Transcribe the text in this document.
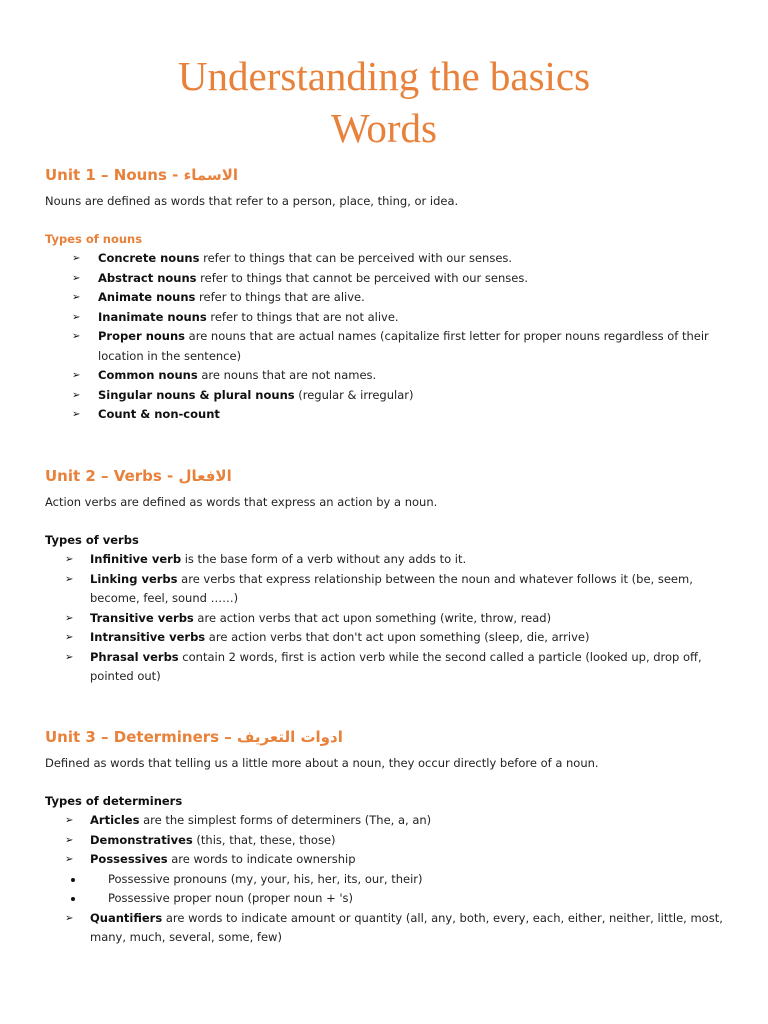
Understanding the basics
Words
Unit 1 – Nouns - الاسماء

Nouns are defined as words that refer to a person, place, thing, or idea.

Types of nouns
➢ Concrete nouns refer to things that can be perceived with our senses.
➢ Abstract nouns refer to things that cannot be perceived with our senses.
➢ Animate nouns refer to things that are alive.
➢ Inanimate nouns refer to things that are not alive.
➢ Proper nouns are nouns that are actual names (capitalize first letter for proper nouns regardless of their location in the sentence)
➢ Common nouns are nouns that are not names.
➢ Singular nouns & plural nouns (regular & irregular)
➢ Count & non-count
Unit 2 – Verbs - الافعال

Action verbs are defined as words that express an action by a noun.

Types of verbs
➢ Infinitive verb is the base form of a verb without any adds to it.
➢ Linking verbs are verbs that express relationship between the noun and whatever follows it (be, seem, become, feel, sound ……)
➢ Transitive verbs are action verbs that act upon something (write, throw, read)
➢ Intransitive verbs are action verbs that don't act upon something (sleep, die, arrive)
➢ Phrasal verbs contain 2 words, first is action verb while the second called a particle (looked up, drop off, pointed out)
Unit 3 – Determiners – ادوات التعريف

Defined as words that telling us a little more about a noun, they occur directly before of a noun.

Types of determiners
➢ Articles are the simplest forms of determiners (The, a, an)
➢ Demonstratives (this, that, these, those)
➢ Possessives are words to indicate ownership
Possessive pronouns (my, your, his, her, its, our, their)
Possessive proper noun (proper noun + 's)
➢ Quantifiers are words to indicate amount or quantity (all, any, both, every, each, either, neither, little, most, many, much, several, some, few)
